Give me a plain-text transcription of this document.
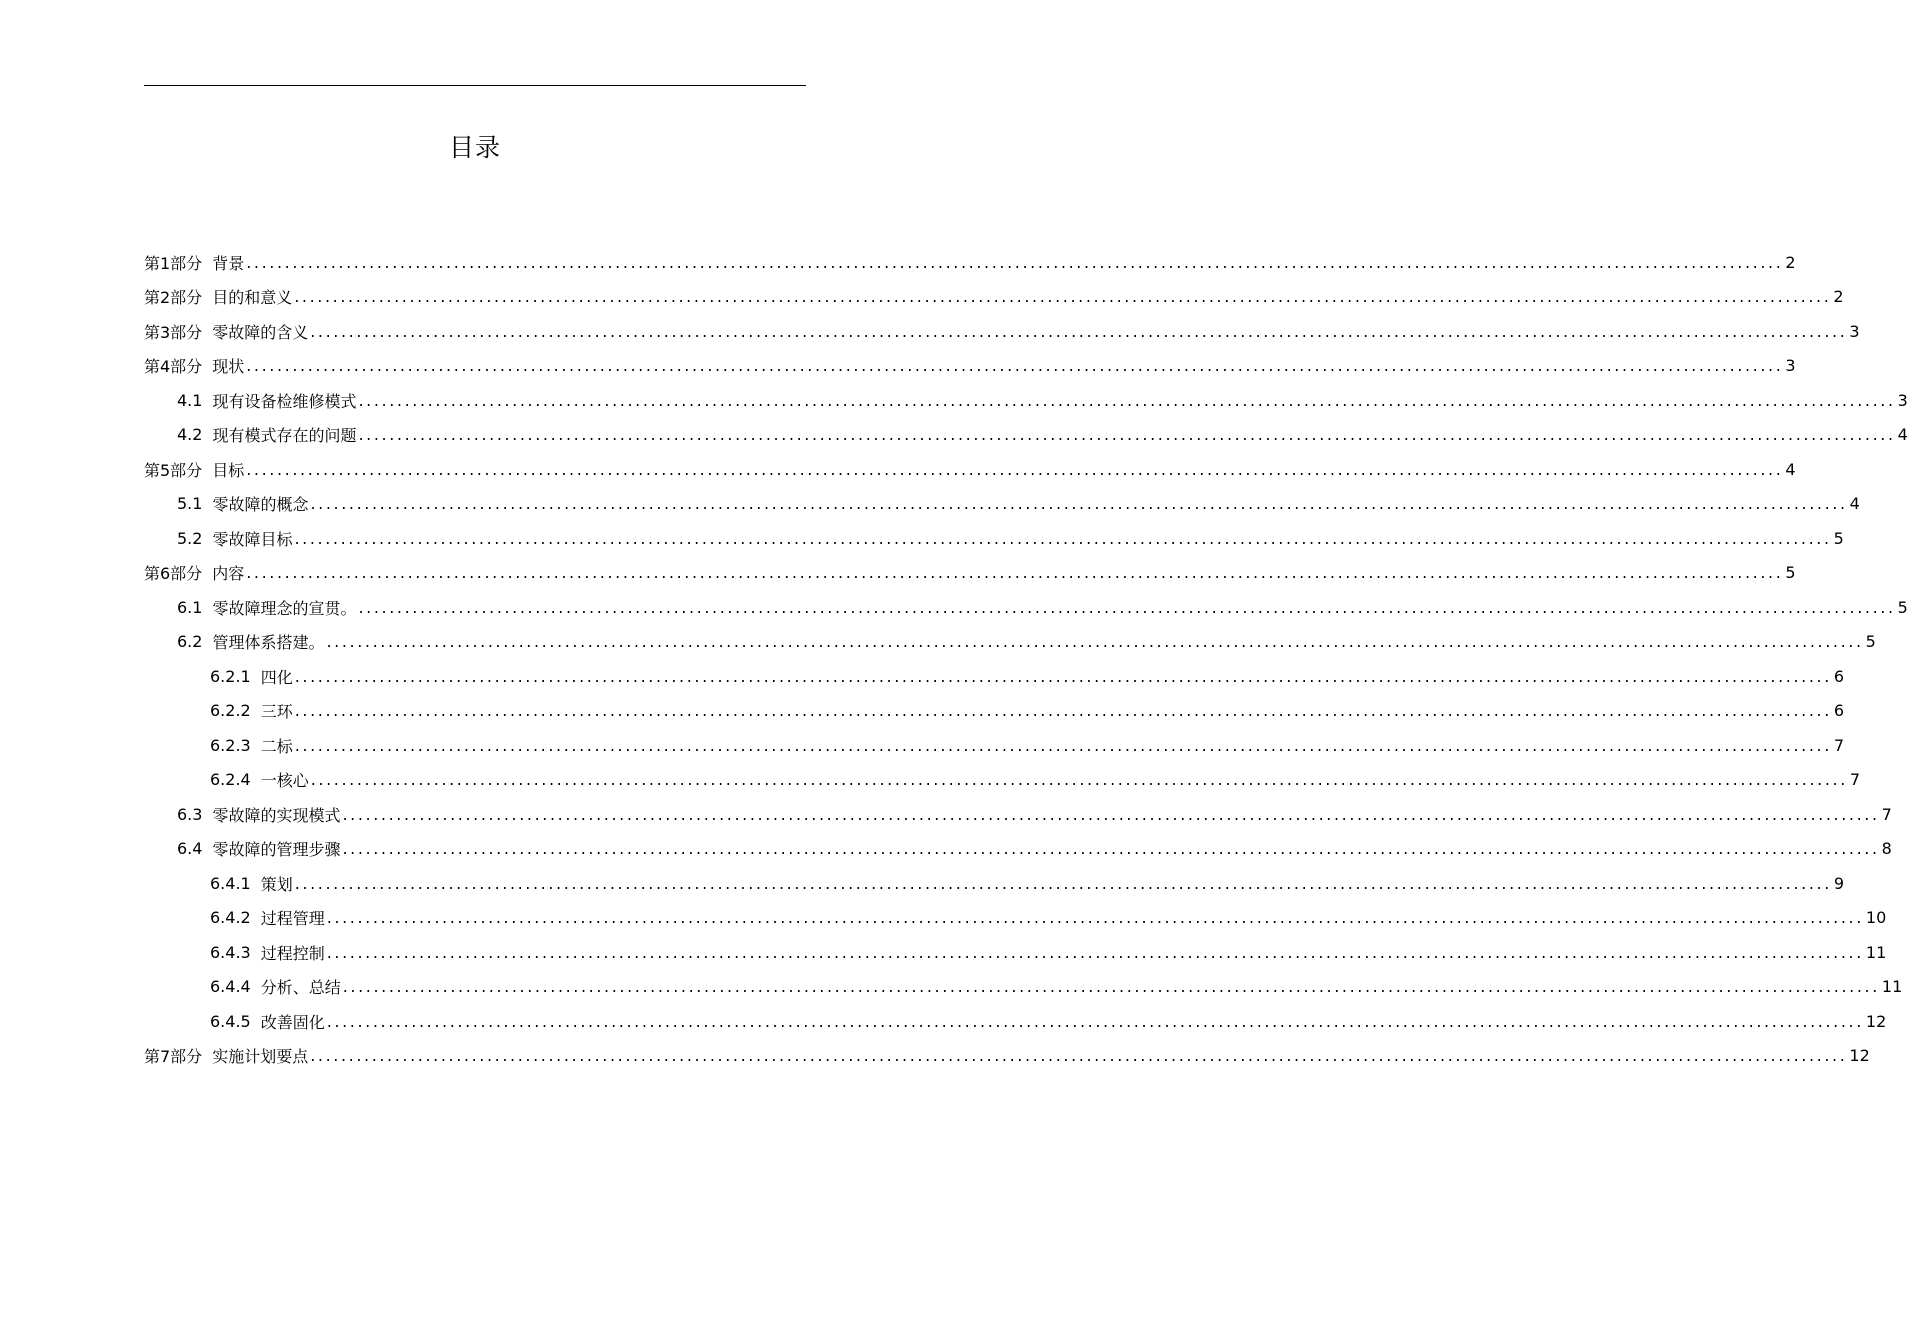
目录
第1部分 背景 ........................................................................................................................................................................................................ 2
第2部分 目的和意义 ........................................................................................................................................................................................................ 2
第3部分 零故障的含义 ........................................................................................................................................................................................................ 3
第4部分 现状 ........................................................................................................................................................................................................ 3
4.1 现有设备检维修模式 ........................................................................................................................................................................................................ 3
4.2 现有模式存在的问题 ........................................................................................................................................................................................................ 4
第5部分 目标 ........................................................................................................................................................................................................ 4
5.1 零故障的概念 ........................................................................................................................................................................................................ 4
5.2 零故障目标 ........................................................................................................................................................................................................ 5
第6部分 内容 ........................................................................................................................................................................................................ 5
6.1 零故障理念的宣贯。 ........................................................................................................................................................................................................ 5
6.2 管理体系搭建。 ........................................................................................................................................................................................................ 5
6.2.1 四化 ........................................................................................................................................................................................................ 6
6.2.2 三环 ........................................................................................................................................................................................................ 6
6.2.3 二标 ........................................................................................................................................................................................................ 7
6.2.4 一核心 ........................................................................................................................................................................................................ 7
6.3 零故障的实现模式 ........................................................................................................................................................................................................ 7
6.4 零故障的管理步骤 ........................................................................................................................................................................................................ 8
6.4.1 策划 ........................................................................................................................................................................................................ 9
6.4.2 过程管理 ........................................................................................................................................................................................................ 10
6.4.3 过程控制 ........................................................................................................................................................................................................ 11
6.4.4 分析、总结 ........................................................................................................................................................................................................ 11
6.4.5 改善固化 ........................................................................................................................................................................................................ 12
第7部分 实施计划要点 ........................................................................................................................................................................................................ 12
